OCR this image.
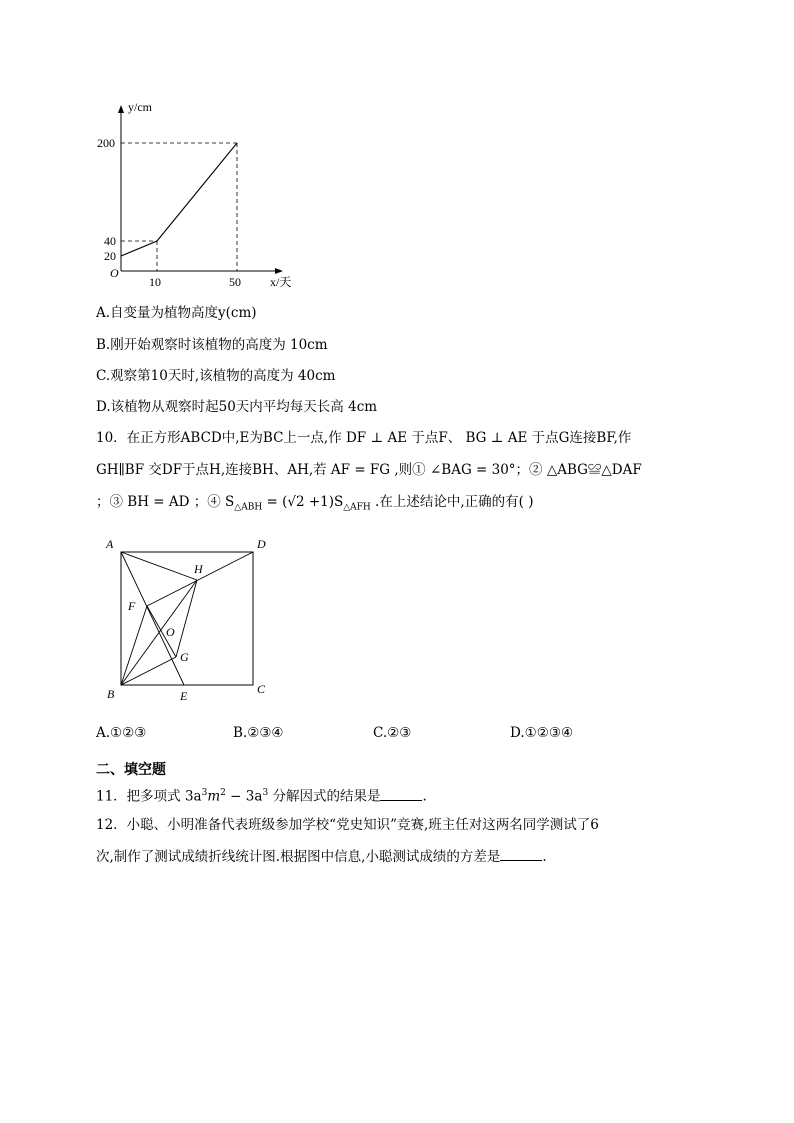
y/cm
x/天
200
40
20
O
10	50
A.自变量为植物高度y(cm)
B.刚开始观察时该植物的高度为 10cm
C.观察第10天时,该植物的高度为 40cm
D.该植物从观察时起50天内平均每天长高 4cm
10．在正方形ABCD中,E为BC上一点,作 DF ⊥ AE 于点F、 BG ⊥ AE 于点G连接BF,作
GH∥BF 交DF于点H,连接BH、AH,若 AF = FG ,则① ∠BAG = 30°；② △ABG≌△DAF
；③ BH = AD ；④ $S_{\triangle ABH} = (√2 +1)S_{\triangle AFH}$ .在上述结论中,正确的有( )
A	D
H
F
O
G
B	E	C
A.①②③	B.②③④	C.②③	D.①②③④
二、填空题
11．把多项式 $3a^3m^2 - 3a^3$ 分解因式的结果是	.
12．小聪、小明准备代表班级参加学校“党史知识”竞赛,班主任对这两名同学测试了6
次,制作了测试成绩折线统计图.根据图中信息,小聪测试成绩的方差是	.
